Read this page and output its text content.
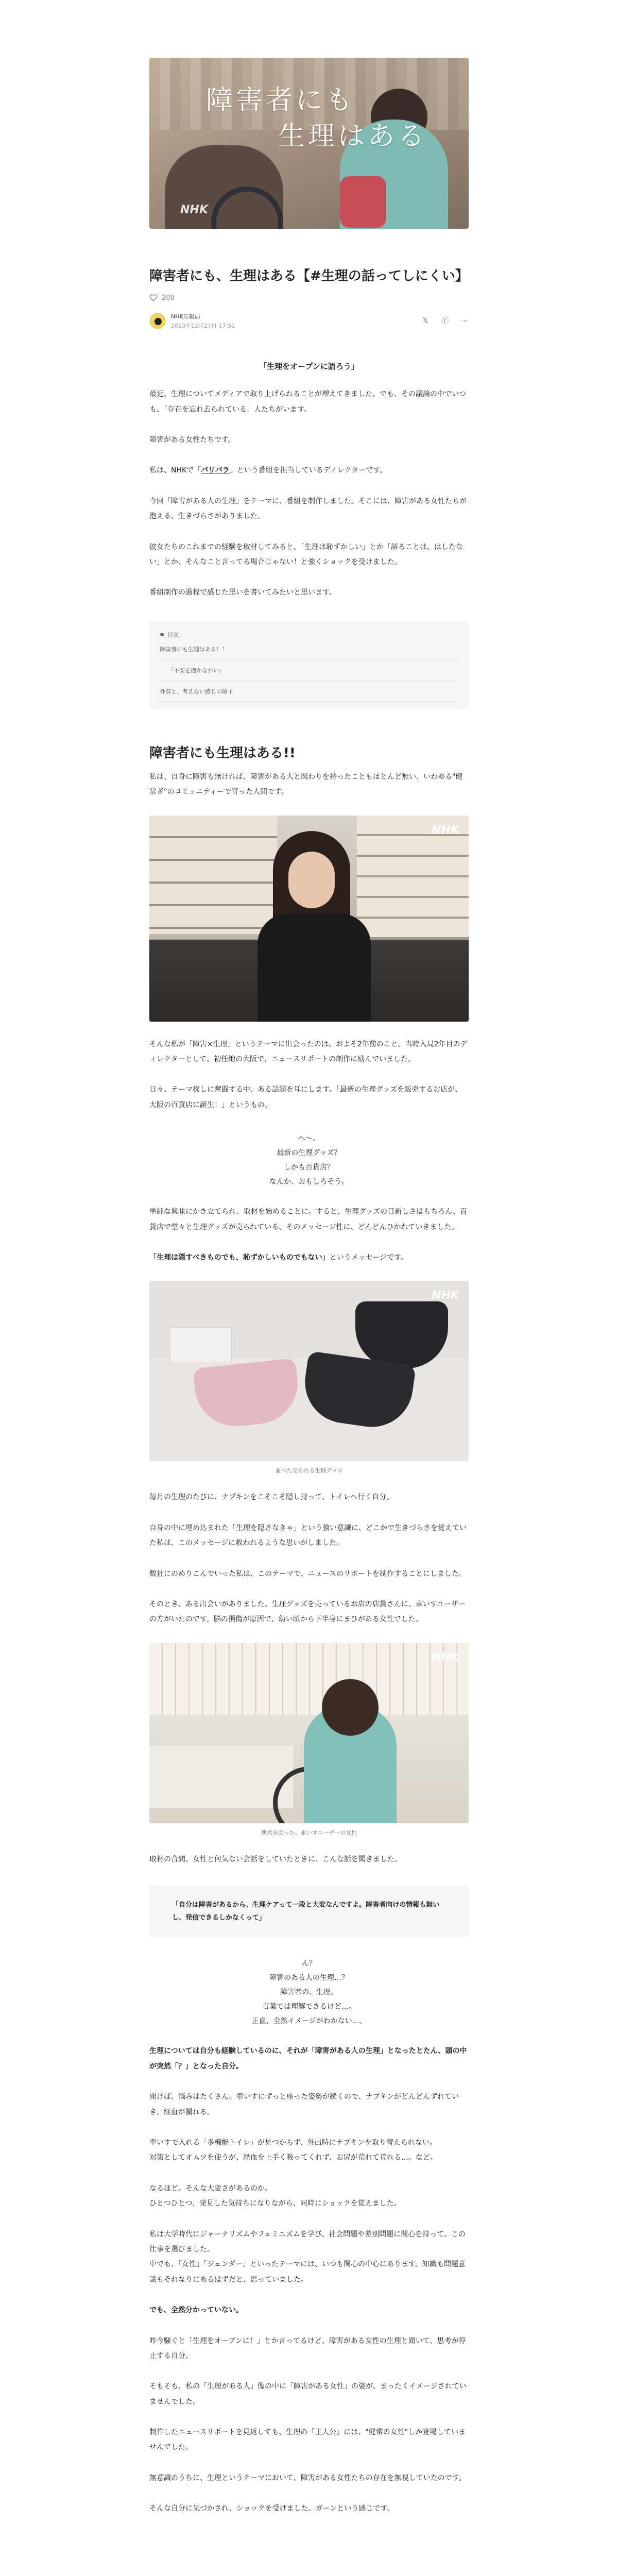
障害者にも
生理はある
NHK
障害者にも、生理はある【#生理の話ってしにくい】
208
NHK広報局
2023年12月27日 17:51
𝕏 ⓕ ⋯
「生理をオープンに語ろう」

最近、生理についてメディアで取り上げられることが増えてきました。でも、その議論の中でいつも、「存在を忘れ去られている」人たちがいます。

障害がある女性たちです。

私は、NHKで「バリバラ」という番組を担当しているディレクターです。

今回「障害がある人の生理」をテーマに、番組を制作しました。そこには、障害がある女性たちが抱える、生きづらさがありました。

彼女たちのこれまでの経験を取材してみると、「生理は恥ずかしい」とか「語ることは、はしたない」とか、そんなこと言ってる場合じゃない！と強くショックを受けました。

番組制作の過程で感じた思いを書いてみたいと思います。

≡ 目次
障害者にも生理はある！！
「不安を抱かなかい」
外部と、考えない感じの障子
障害者にも生理はある!!

私は、自身に障害も無ければ、障害がある人と関わりを持ったこともほとんど無い、いわゆる"健常者"のコミュニティーで育った人間です。

NHK

そんな私が「障害×生理」というテーマに出会ったのは、およそ2年前のこと。当時入局2年目のディレクターとして、初任地の大阪で、ニュースリポートの制作に励んでいました。

日々、テーマ探しに奮闘する中、ある話題を耳にします。「最新の生理グッズを販売するお店が、大阪の百貨店に誕生！」というもの。

へ〜。
最新の生理グッズ？
しかも百貨店？
なんか、おもしろそう。

単純な興味にかき立てられ、取材を始めることに。すると、生理グッズの目新しさはもちろん、百貨店で堂々と生理グッズが売られている、そのメッセージ性に、どんどんひかれていきました。

「生理は隠すべきものでも、恥ずかしいものでもない」というメッセージです。

NHK
並べた売られる生理グッズ

毎月の生理のたびに、ナプキンをこそこそ隠し持って、トイレへ行く自分。

自身の中に埋め込まれた「生理を隠さなきゃ」という強い意識に、どこかで生きづらさを覚えていた私は、このメッセージに救われるような思いがしました。

数社にのめりこんでいった私は、このテーマで、ニュースのリポートを制作することにしました。

そのとき、ある出会いがありました。生理グッズを売っているお店の店員さんに、車いすユーザーの方がいたのです。脳の損傷が原因で、幼い頃から下半身にまひがある女性でした。

NHK
偶然出会った、車いすユーザーの女性

取材の合間、女性と何気ない会話をしていたときに、こんな話を聞きました。

「自分は障害があるから、生理ケアって一段と大変なんですよ。障害者向けの情報も無いし、発信できるしかなくって」

ん？
障害のある人の生理…？
障害者の、生理。
言葉では理解できるけど…。
正直、全然イメージがわかない…。

生理については自分も経験しているのに、それが「障害がある人の生理」となったとたん、頭の中が突然「？」となった自分。

聞けば、悩みはたくさん。車いすにずっと座った姿勢が続くので、ナプキンがどんどんずれていき、経血が漏れる。

車いすで入れる「多機能トイレ」が見つからず、外出時にナプキンを取り替えられない。
対策としてオムツを使うが、経血を上手く吸ってくれず、お尻が荒れて荒れる…。など。

なるほど。そんな大変さがあるのか。
ひとつひとつ、発見した気持ちになりながら、同時にショックを覚えました。

私は大学時代にジャーナリズムやフェミニズムを学び、社会問題や差別問題に関心を持って、この仕事を選びました。
中でも、「女性」「ジェンダー」といったテーマには、いつも関心の中心にあります。知識も問題意識もそれなりにあるはずだと、思っていました。

でも、全然分かっていない。

昨今騒ぐと「生理をオープンに！」とか言ってるけど、障害がある女性の生理と聞いて、思考が停止する自分。

そもそも、私の「生理がある人」像の中に「障害がある女性」の姿が、まったくイメージされていませんでした。

制作したニュースリポートを見返しても、生理の「主人公」には、"健常の女性"しか登場していませんでした。

無意識のうちに、生理というテーマにおいて、障害がある女性たちの存在を無視していたのです。

そんな自分に気づかされ、ショックを受けました。ガーンという感じです。
